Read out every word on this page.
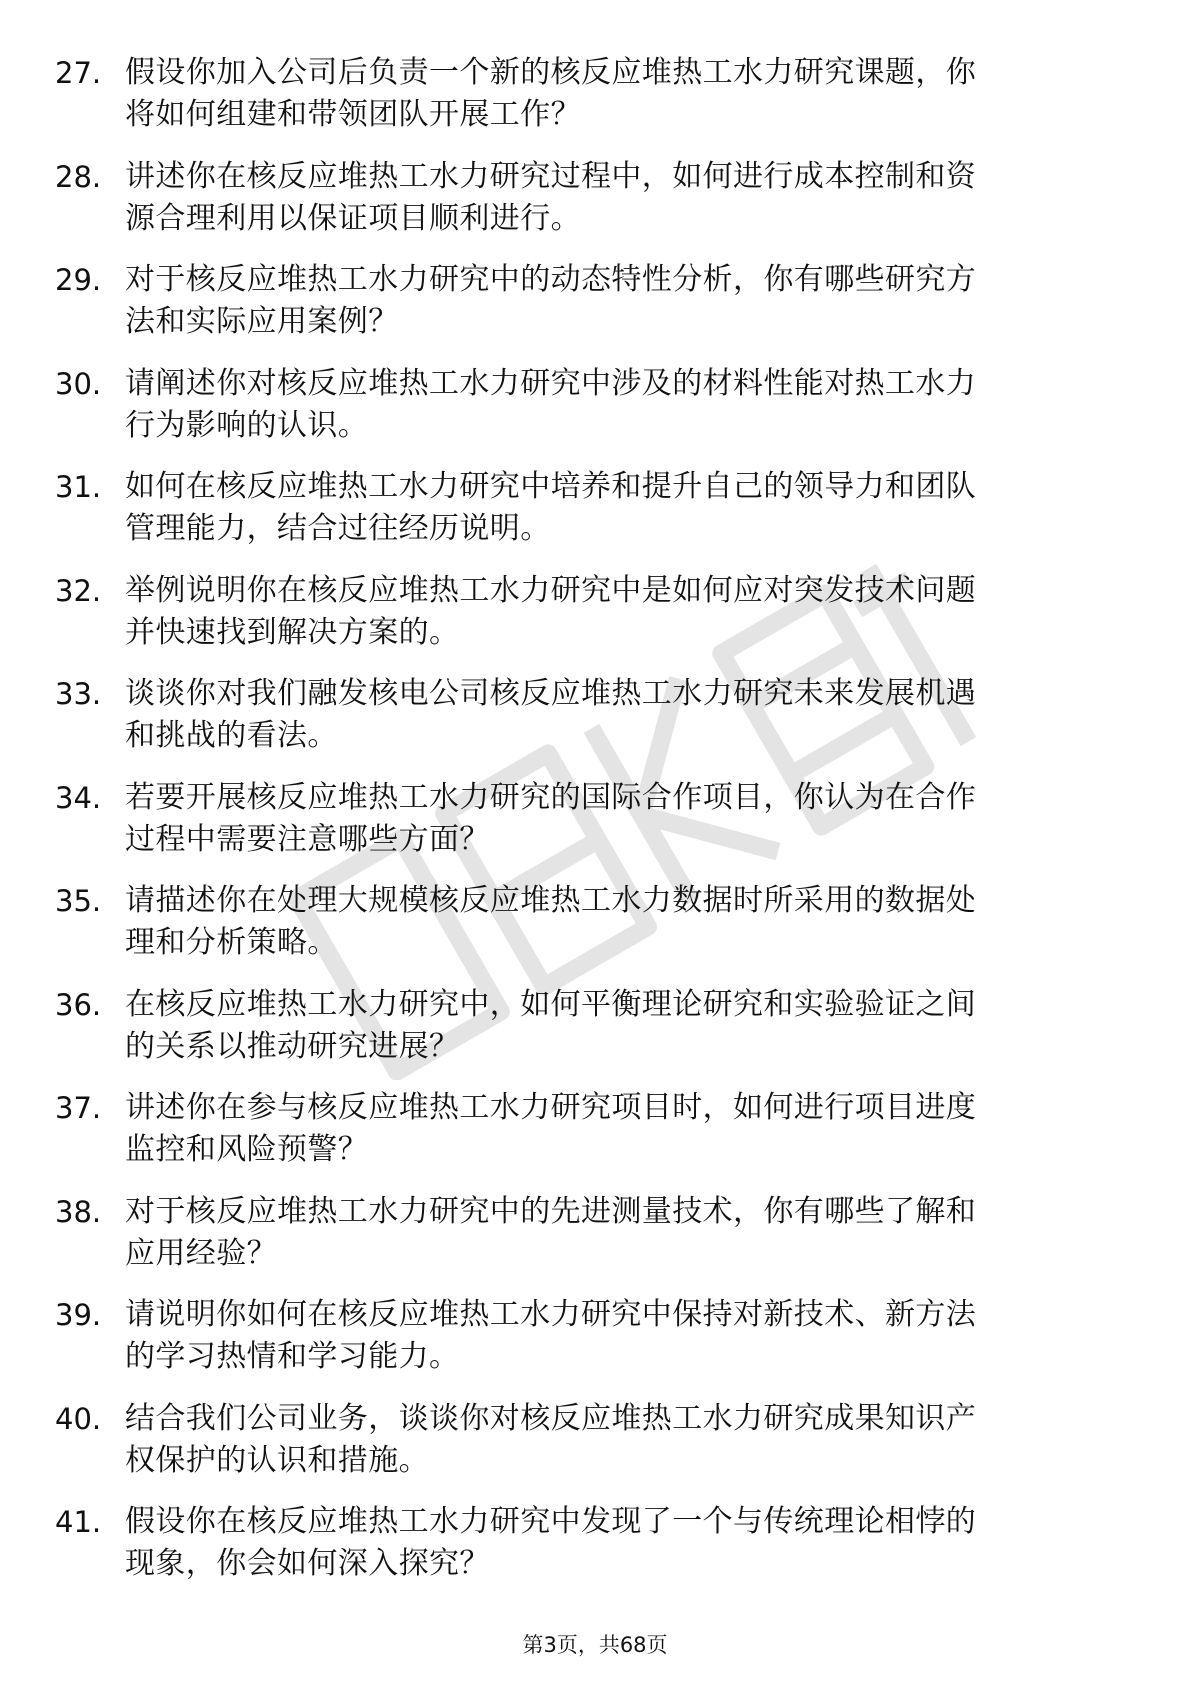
27. 假设你加入公司后负责一个新的核反应堆热工水力研究课题，你
将如何组建和带领团队开展工作？
28. 讲述你在核反应堆热工水力研究过程中，如何进行成本控制和资
源合理利用以保证项目顺利进行。
29. 对于核反应堆热工水力研究中的动态特性分析，你有哪些研究方
法和实际应用案例？
30. 请阐述你对核反应堆热工水力研究中涉及的材料性能对热工水力
行为影响的认识。
31. 如何在核反应堆热工水力研究中培养和提升自己的领导力和团队
管理能力，结合过往经历说明。
32. 举例说明你在核反应堆热工水力研究中是如何应对突发技术问题
并快速找到解决方案的。
33. 谈谈你对我们融发核电公司核反应堆热工水力研究未来发展机遇
和挑战的看法。
34. 若要开展核反应堆热工水力研究的国际合作项目，你认为在合作
过程中需要注意哪些方面？
35. 请描述你在处理大规模核反应堆热工水力数据时所采用的数据处
理和分析策略。
36. 在核反应堆热工水力研究中，如何平衡理论研究和实验验证之间
的关系以推动研究进展？
37. 讲述你在参与核反应堆热工水力研究项目时，如何进行项目进度
监控和风险预警？
38. 对于核反应堆热工水力研究中的先进测量技术，你有哪些了解和
应用经验？
39. 请说明你如何在核反应堆热工水力研究中保持对新技术、新方法
的学习热情和学习能力。
40. 结合我们公司业务，谈谈你对核反应堆热工水力研究成果知识产
权保护的认识和措施。
41. 假设你在核反应堆热工水力研究中发现了一个与传统理论相悖的
现象，你会如何深入探究？
第3页，共68页
